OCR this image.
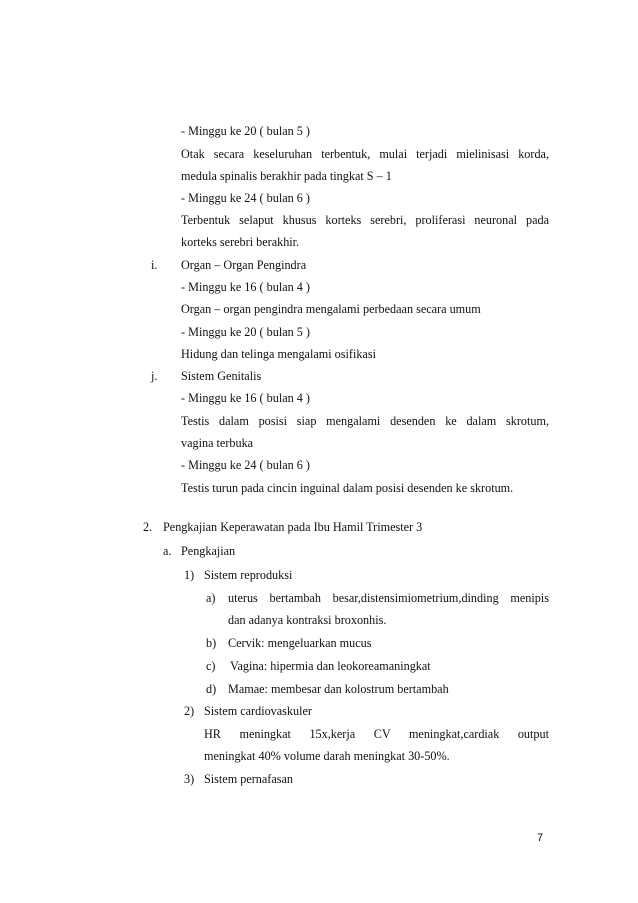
- Minggu ke 20 ( bulan 5 )
Otak secara keseluruhan terbentuk, mulai terjadi mielinisasi korda,
medula spinalis berakhir pada tingkat S – 1
- Minggu ke 24 ( bulan 6 )
Terbentuk selaput khusus korteks serebri, proliferasi neuronal pada
korteks serebri berakhir.
i. Organ – Organ Pengindra
- Minggu ke 16 ( bulan 4 )
Organ – organ pengindra mengalami perbedaan secara umum
- Minggu ke 20 ( bulan 5 )
Hidung dan telinga mengalami osifikasi
j. Sistem Genitalis
- Minggu ke 16 ( bulan 4 )
Testis dalam posisi siap mengalami desenden ke dalam skrotum,
vagina terbuka
- Minggu ke 24 ( bulan 6 )
Testis turun pada cincin inguinal dalam posisi desenden ke skrotum.
2. Pengkajian Keperawatan pada Ibu Hamil Trimester 3
a. Pengkajian
1) Sistem reproduksi
a) uterus bertambah besar,distensimiometrium,dinding menipis
dan adanya kontraksi broxonhis.
b) Cervik: mengeluarkan mucus
c) Vagina: hipermia dan leokoreamaningkat
d) Mamae: membesar dan kolostrum bertambah
2) Sistem cardiovaskuler
HR meningkat 15x,kerja CV meningkat,cardiak output
meningkat 40% volume darah meningkat 30-50%.
3) Sistem pernafasan
7
